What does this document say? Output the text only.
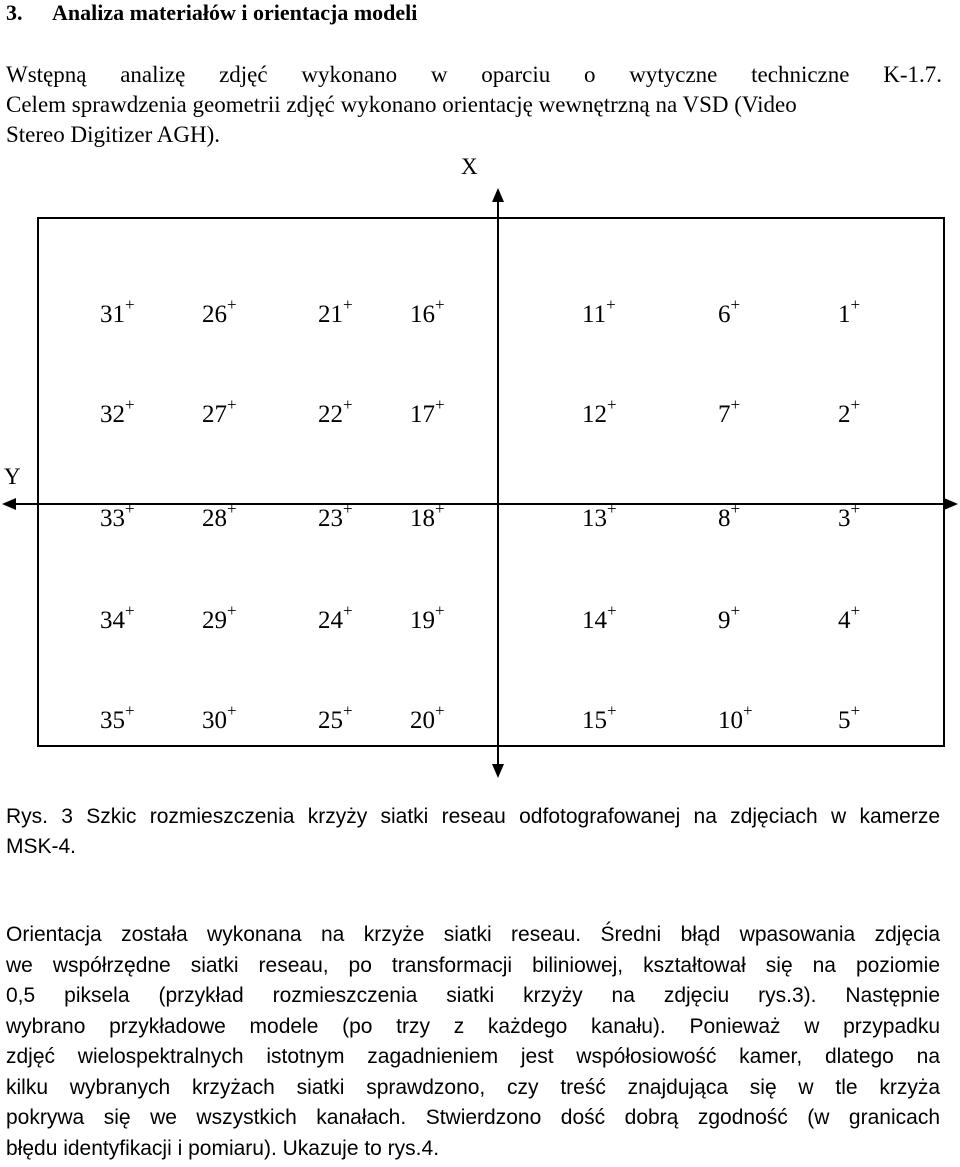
3. Analiza materiałów i orientacja modeli
Wstępną analizę zdjęć wykonano w oparciu o wytyczne techniczne K-1.7.
Celem sprawdzenia geometrii zdjęć wykonano orientację wewnętrzną na VSD (Video
Stereo Digitizer AGH).
X
Y
31+	26+	21+ 16+	11+	6+	1+
32+	27+	22+ 17+	12+	7+	2+
33+	28+	23+ 18+	13+	8+	3+
34+	29+	24+ 19+	14+	9+	4+
35+	30+	25+ 20+	15+	10+	5+
Rys. 3 Szkic rozmieszczenia krzyży siatki reseau odfotografowanej na zdjęciach w kamerze
MSK-4.
Orientacja została wykonana na krzyże siatki reseau. Średni błąd wpasowania zdjęcia
we współrzędne siatki reseau, po transformacji biliniowej, kształtował się na poziomie
0,5 piksela (przykład rozmieszczenia siatki krzyży na zdjęciu rys.3). Następnie
wybrano przykładowe modele (po trzy z każdego kanału). Ponieważ w przypadku
zdjęć wielospektralnych istotnym zagadnieniem jest współosiowość kamer, dlatego na
kilku wybranych krzyżach siatki sprawdzono, czy treść znajdująca się w tle krzyża
pokrywa się we wszystkich kanałach. Stwierdzono dość dobrą zgodność (w granicach
błędu identyfikacji i pomiaru). Ukazuje to rys.4.
